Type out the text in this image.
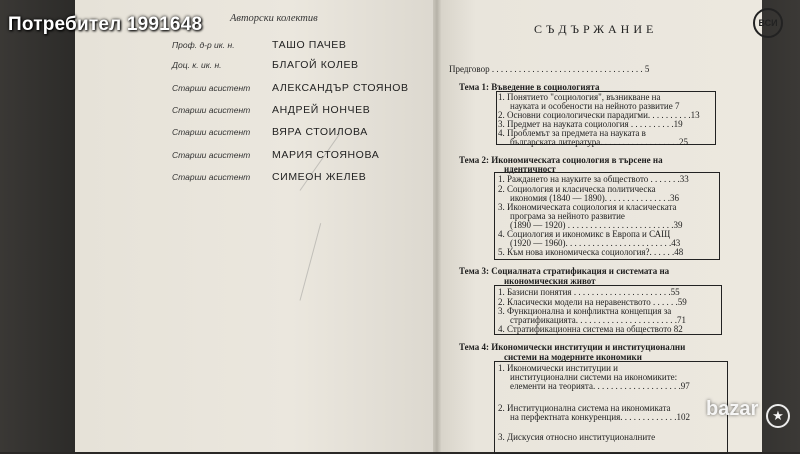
Потребител 1991648	Авторски колектив
Проф. д-р ик. н.	ТАШО ПАЧЕВ
Доц. к. ик. н.	БЛАГОЙ КОЛЕВ
Старши асистент АЛЕКСАНДЪР СТОЯНОВ
Старши асистент АНДРЕЙ НОНЧЕВ
Старши асистент ВЯРА СТОИЛОВА
Старши асистент МАРИЯ СТОЯНОВА
Старши асистент СИМЕОН ЖЕЛЕВ
ВСИ
СЪДЪРЖАНИЕ
Предговор . . . . . . . . . . . . . . . . . . . . . . . . . . . . . . . . . . 5
Тема 1: Въведение в социологията
1. Понятието "социология", възникване на
науката и особености на нейното развитие 7
2. Основни социологически парадигми. . . . . . . . . .13
3. Предмет на науката социология . . . . . . . . . .19
4. Проблемът за предмета на науката в
българската литература. . . . . . . . . . . . . . . . . .25
Тема 2: Икономическата социология в търсене на
идентичност
1. Раждането на науките за обществото . . . . . . .33
2. Социология и класическа политическа
икономия (1840 — 1890). . . . . . . . . . . . . . .36
3. Икономическата социология и класическата
програма за нейното развитие
(1890 — 1920) . . . . . . . . . . . . . . . . . . . . . . . .39
4. Социология и икономикс в Европа и САЩ
(1920 — 1960). . . . . . . . . . . . . . . . . . . . . . . .43
5. Към нова икономическа социология?. . . . . .48
Тема 3: Социалната стратификация и системата на
икономическия живот
1. Базисни понятия . . . . . . . . . . . . . . . . . . . . . .55
2. Класически модели на неравенството . . . . . .59
3. Функционална и конфликтна концепция за
стратификацията. . . . . . . . . . . . . . . . . . . . . . .71
4. Стратификационна система на обществото 82
Тема 4: Икономически институции и институционални
системи на модерните икономики
1. Икономически институции и
институционални системи на икономиките:
елементи на теорията. . . . . . . . . . . . . . . . . . . .97
2. Институционална система на икономиката
на перфектната конкуренция. . . . . . . . . . . . .102
3. Дискусия относно институционалните
bazar	★
